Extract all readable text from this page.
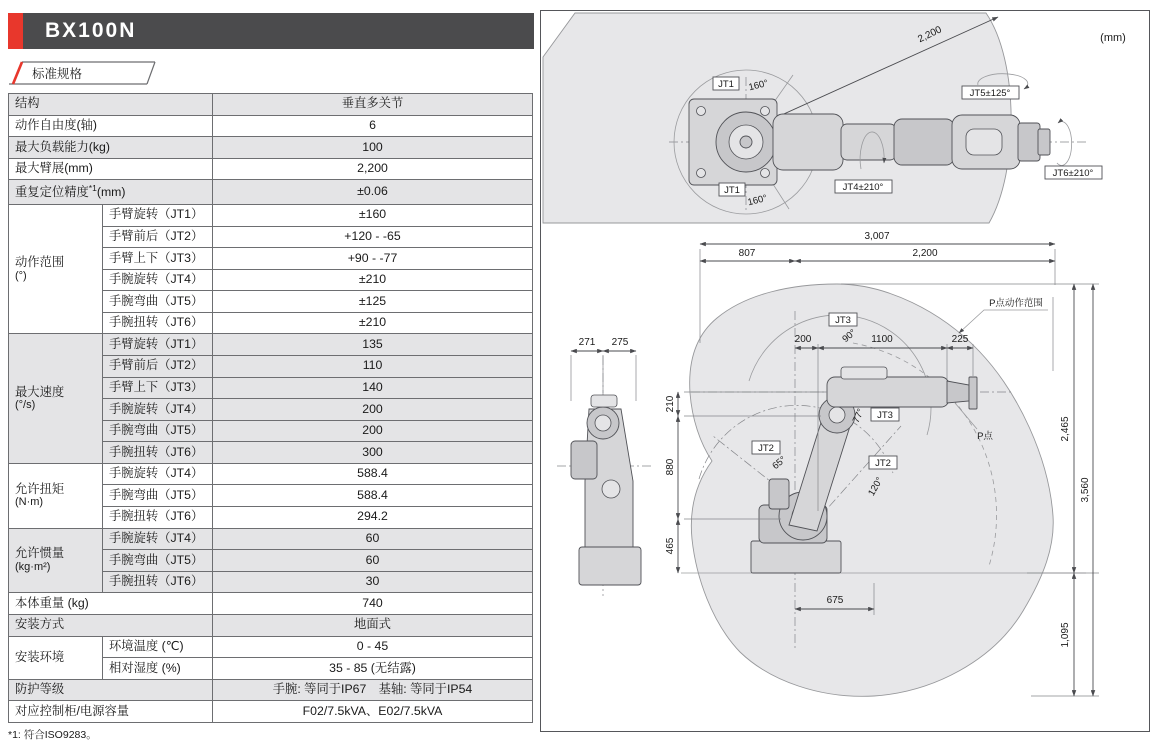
BX100N
标准规格
结构		垂直多关节
动作自由度(轴)		6
最大负载能力(kg)		100
最大臂展(mm)		2,200
重复定位精度$^{*1}$(mm)		±0.06

动作范围
(°)	手臂旋转（JT1）	±160
	手臂前后（JT2）	+120 - -65
	手臂上下（JT3）	+90 - -77
	手腕旋转（JT4）	±210
	手腕弯曲（JT5）	±125
	手腕扭转（JT6）	±210

最大速度
(°/s)	手臂旋转（JT1）	135
	手臂前后（JT2）	110
	手臂上下（JT3）	140
	手腕旋转（JT4）	200
	手腕弯曲（JT5）	200
	手腕扭转（JT6）	300

允许扭矩
(N·m)	手腕旋转（JT4）	588.4
	手腕弯曲（JT5）	588.4
	手腕扭转（JT6）	294.2

允许惯量
(kg·m²)	手腕旋转（JT4）	60
	手腕弯曲（JT5）	60
	手腕扭转（JT6）	30
本体重量 (kg)		740
安装方式		地面式

安装环境	环境温度 (℃)	0 - 45
	相对湿度 (%)	35 - 85 (无结露)
防护等级		手腕: 等同于IP67　基轴: 等同于IP54
对应控制柜/电源容量		F02/7.5kVA、E02/7.5kVA
*1: 符合ISO9283。
2,200	(mm)
JT1 160°
JT1
160°
JT5±125°
JT4±210°
JT6±210°
271 275
3,007
807	2,200
200	1100	225
210
880
465
675
2,465
1,095
3,560
P点动作范围
P点
JT3
90°
JT3
77°
JT2
65°	JT2
120°
